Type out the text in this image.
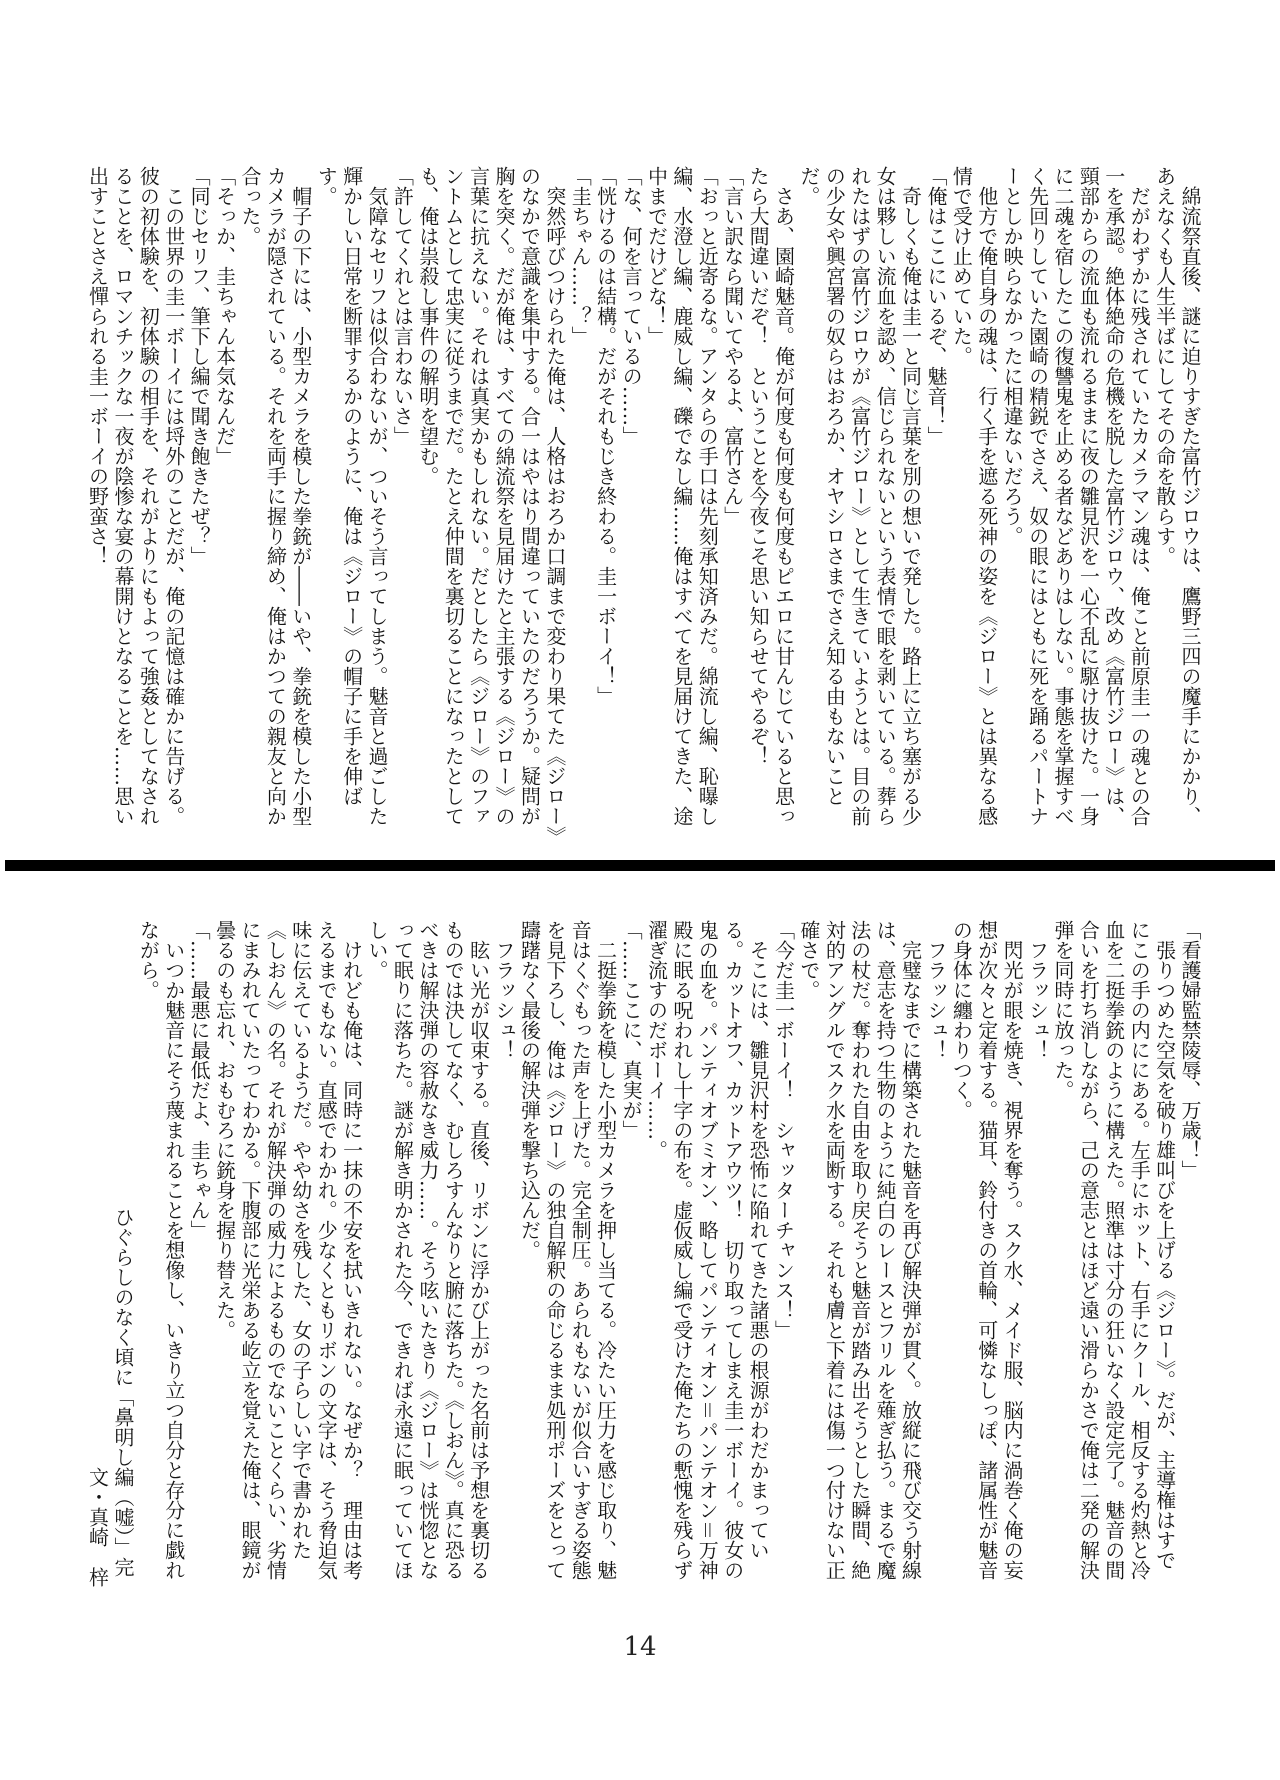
　綿流祭直後、謎に迫りすぎた富竹ジロウは、鷹野三四の魔手にかかり、あえなくも人生半ばにしてその命を散らす。

　だがわずかに残されていたカメラマン魂は、俺こと前原圭一の魂との合一を承認。絶体絶命の危機を脱した富竹ジロウ、改め《富竹ジロー》は、頸部からの流血も流れるままに夜の雛見沢を一心不乱に駆け抜けた。一身に二魂を宿したこの復讐鬼を止める者などありはしない。事態を掌握すべく先回りしていた園崎の精鋭でさえ、奴の眼にはともに死を踊るパートナーとしか映らなかったに相違ないだろう。

　他方で俺自身の魂は、行く手を遮る死神の姿を《ジロー》とは異なる感情で受け止めていた。

「俺はここにいるぞ、魅音！」

　奇しくも俺は圭一と同じ言葉を別の想いで発した。路上に立ち塞がる少女は夥しい流血を認め、信じられないという表情で眼を剥いている。葬られたはずの富竹ジロウが《富竹ジロー》として生きていようとは。目の前の少女や興宮署の奴らはおろか、オヤシロさまでさえ知る由もないことだ。

　さあ、園崎魅音。俺が何度も何度も何度もピエロに甘んじていると思ったら大間違いだぞ！　ということを今夜こそ思い知らせてやるぞ！

「言い訳なら聞いてやるよ、富竹さん」

「おっと近寄るな。アンタらの手口は先刻承知済みだ。綿流し編、恥曝し編、水澄し編、鹿威し編、礫でなし編……俺はすべてを見届けてきた、途中までだけどな！」

「な、何を言っているの……」

「恍けるのは結構。だがそれもじき終わる。圭一ボーイ！」

「圭ちゃん……？」

　突然呼びつけられた俺は、人格はおろか口調まで変わり果てた《ジロー》のなかで意識を集中する。合一はやはり間違っていたのだろうか。疑問が胸を突く。だが俺は、すべての綿流祭を見届けたと主張する《ジロー》の言葉に抗えない。それは真実かもしれない。だとしたら《ジロー》のファントムとして忠実に従うまでだ。たとえ仲間を裏切ることになったとしても、俺は祟殺し事件の解明を望む。

「許してくれとは言わないさ」

　気障なセリフは似合わないが、ついそう言ってしまう。魅音と過ごした輝かしい日常を断罪するかのように、俺は《ジロー》の帽子に手を伸ばす。

　帽子の下には、小型カメラを模した拳銃が――いや、拳銃を模した小型カメラが隠されている。それを両手に握り締め、俺はかつての親友と向か合った。

「そっか、圭ちゃん本気なんだ」

「同じセリフ、筆下し編で聞き飽きたぜ？」

　この世界の圭一ボーイには埒外のことだが、俺の記憶は確かに告げる。彼の初体験を、初体験の相手を、それがよりにもよって強姦としてなされることを、ロマンチックな一夜が陰惨な宴の幕開けとなることを……思い出すことさえ憚られる圭一ボーイの野蛮さ！

「看護婦監禁陵辱、万歳！」

　張りつめた空気を破り雄叫びを上げる《ジロー》。だが、主導権はすでにこの手の内ににある。左手にホット、右手にクール、相反する灼熱と冷血を二挺拳銃のように構えた。照準は寸分の狂いなく設定完了。魅音の間合いを打ち消しながら、己の意志とはほど遠い滑らかさで俺は二発の解決弾を同時に放った。

　フラッシュ！

　閃光が眼を焼き、視界を奪う。スク水、メイド服、脳内に渦巻く俺の妄想が次々と定着する。猫耳、鈴付きの首輪、可憐なしっぽ、諸属性が魅音の身体に纏わりつく。

　フラッシュ！

　完璧なまでに構築された魅音を再び解決弾が貫く。放縦に飛び交う射線は、意志を持つ生物のように純白のレースとフリルを薙ぎ払う。まるで魔法の杖だ。奪われた自由を取り戻そうと魅音が踏み出そうとした瞬間、絶対的アングルでスク水を両断する。それも膚と下着には傷一つ付けない正確さで。

「今だ圭一ボーイ！　シャッターチャンス！」

　そこには、雛見沢村を恐怖に陥れてきた諸悪の根源がわだかまっている。カットオフ、カットアウツ！　切り取ってしまえ圭一ボーイ。彼女の鬼の血を。パンティオブミオン、略してパンティオン＝パンテオン＝万神殿に眠る呪われし十字の布を。虚仮威し編で受けた俺たちの慙愧を残らず濯ぎ流すのだボーイ……。

「……ここに、真実が」

　二挺拳銃を模した小型カメラを押し当てる。冷たい圧力を感じ取り、魅音はくぐもった声を上げた。完全制圧。あられもないが似合いすぎる姿態を見下ろし、俺は《ジロー》の独自解釈の命じるまま処刑ポーズをとって躊躇なく最後の解決弾を撃ち込んだ。

　フラッシュ！

　眩い光が収束する。直後、リボンに浮かび上がった名前は予想を裏切るものでは決してなく、むしろすんなりと腑に落ちた。《しおん》。真に恐るべきは解決弾の容赦なき威力……。そう呟いたきり《ジロー》は恍惚となって眠りに落ちた。謎が解き明かされた今、できれば永遠に眠っていてほしい。

　けれども俺は、同時に一抹の不安を拭いきれない。なぜか？　理由は考えるまでもない。直感でわかれ。少なくともリボンの文字は、そう脅迫気味に伝えているようだ。やや幼さを残した、女の子らしい字で書かれた《しおん》の名。それが解決弾の威力によるものでないことくらい、劣情にまみれていたってわかる。下腹部に光栄ある屹立を覚えた俺は、眼鏡が曇るのも忘れ、おもむろに銃身を握り替えた。

「……最悪に最低だよ、圭ちゃん」

　いつか魅音にそう蔑まれることを想像し、いきり立つ自分と存分に戯れながら。

ひぐらしのなく頃に「鼻明し編（嘘）」完

文・真崎　梓

14
